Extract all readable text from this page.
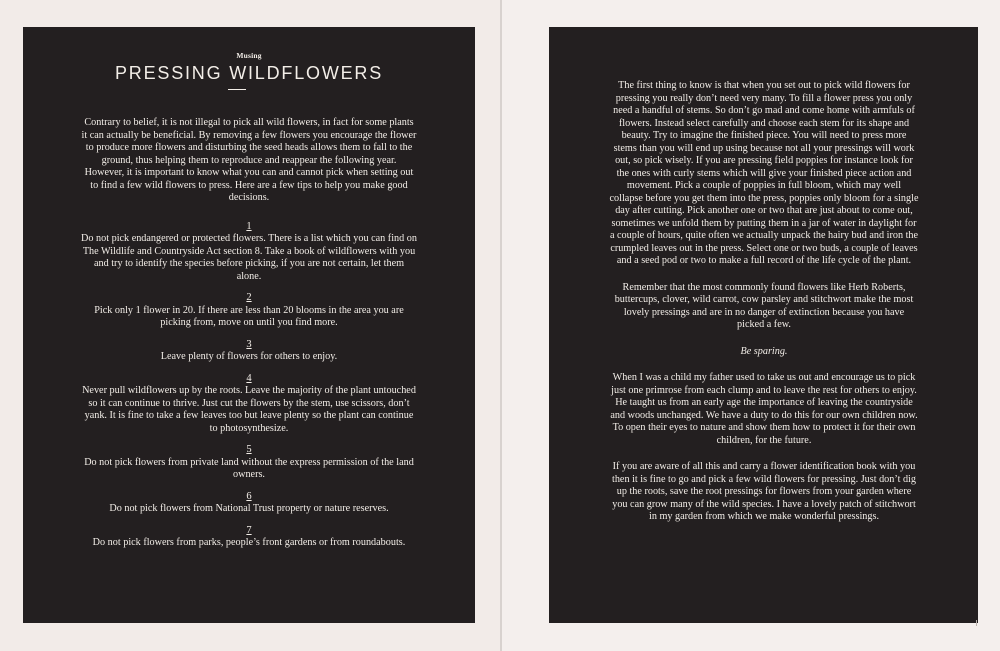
Musing
PRESSING WILDFLOWERS

Contrary to belief, it is not illegal to pick all wild flowers, in fact for some plants it can actually be beneficial. By removing a few flowers you encourage the flower to produce more flowers and disturbing the seed heads allows them to fall to the ground, thus helping them to reproduce and reappear the following year. However, it is important to know what you can and cannot pick when setting out to find a few wild flowers to press. Here are a few tips to help you make good decisions.

1

Do not pick endangered or protected flowers. There is a list which you can find on The Wildlife and Countryside Act section 8. Take a book of wildflowers with you and try to identify the species before picking, if you are not certain, let them alone.

2

Pick only 1 flower in 20. If there are less than 20 blooms in the area you are picking from, move on until you find more.

3

Leave plenty of flowers for others to enjoy.

4

Never pull wildflowers up by the roots. Leave the majority of the plant untouched so it can continue to thrive. Just cut the flowers by the stem, use scissors, don’t yank. It is fine to take a few leaves too but leave plenty so the plant can continue to photosynthesize.

5

Do not pick flowers from private land without the express permission of the land owners.

6

Do not pick flowers from National Trust property or nature reserves.

7

Do not pick flowers from parks, people’s front gardens or from roundabouts.

The first thing to know is that when you set out to pick wild flowers for pressing you really don’t need very many. To fill a flower press you only need a handful of stems. So don’t go mad and come home with armfuls of flowers. Instead select carefully and choose each stem for its shape and beauty. Try to imagine the finished piece. You will need to press more stems than you will end up using because not all your pressings will work out, so pick wisely. If you are pressing field poppies for instance look for the ones with curly stems which will give your finished piece action and movement. Pick a couple of poppies in full bloom, which may well collapse before you get them into the press, poppies only bloom for a single day after cutting. Pick another one or two that are just about to come out, sometimes we unfold them by putting them in a jar of water in daylight for a couple of hours, quite often we actually unpack the hairy bud and iron the crumpled leaves out in the press. Select one or two buds, a couple of leaves and a seed pod or two to make a full record of the life cycle of the plant.

Remember that the most commonly found flowers like Herb Roberts, buttercups, clover, wild carrot, cow parsley and stitchwort make the most lovely pressings and are in no danger of extinction because you have picked a few.

Be sparing.

When I was a child my father used to take us out and encourage us to pick just one primrose from each clump and to leave the rest for others to enjoy. He taught us from an early age the importance of leaving the countryside and woods unchanged. We have a duty to do this for our own children now. To open their eyes to nature and show them how to protect it for their own children, for the future.

If you are aware of all this and carry a flower identification book with you then it is fine to go and pick a few wild flowers for pressing. Just don’t dig up the roots, save the root pressings for flowers from your garden where you can grow many of the wild species. I have a lovely patch of stitchwort in my garden from which we make wonderful pressings.
